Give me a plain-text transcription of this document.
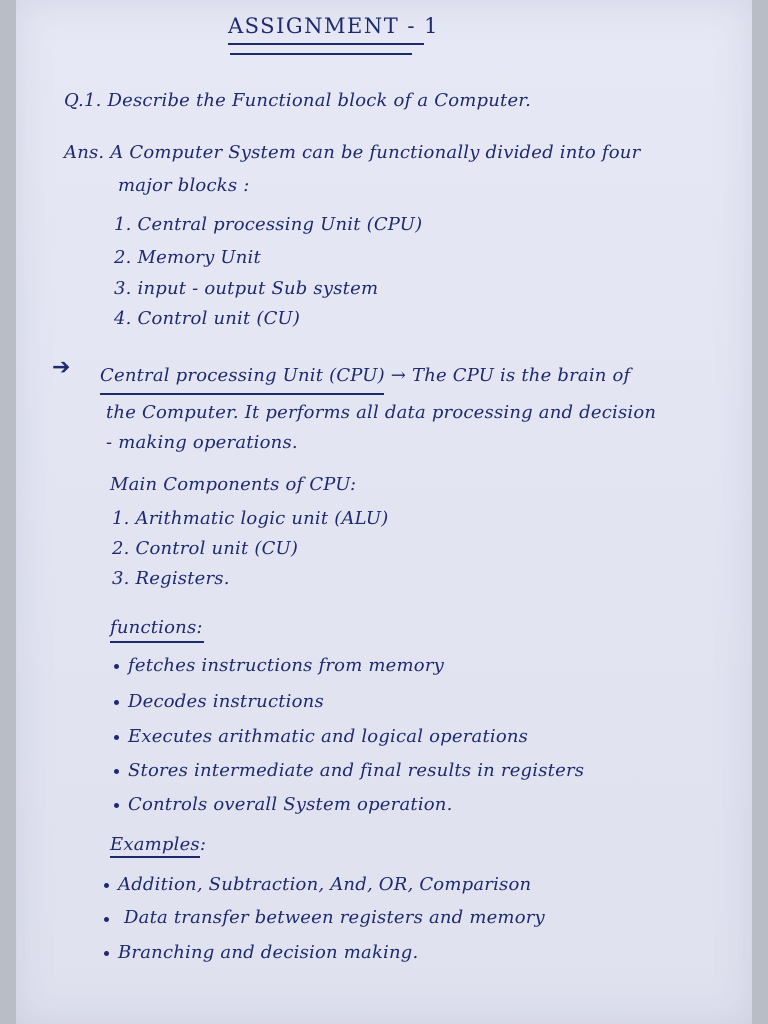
ASSIGNMENT - 1
Q.1. Describe the Functional block of a Computer.
Ans. A Computer System can be functionally divided into four
major blocks :
1. Central processing Unit (CPU)
2. Memory Unit
3. input - output Sub system
4. Control unit (CU)
➔ Central processing Unit (CPU) → The CPU is the brain of
the Computer. It performs all data processing and decision
- making operations.
Main Components of CPU:
1. Arithmatic logic unit (ALU)
2. Control unit (CU)
3. Registers.
functions:
fetches instructions from memory
Decodes instructions
Executes arithmatic and logical operations
Stores intermediate and final results in registers
Controls overall System operation.
Examples:
Addition, Subtraction, And, OR, Comparison
Data transfer between registers and memory
Branching and decision making.
